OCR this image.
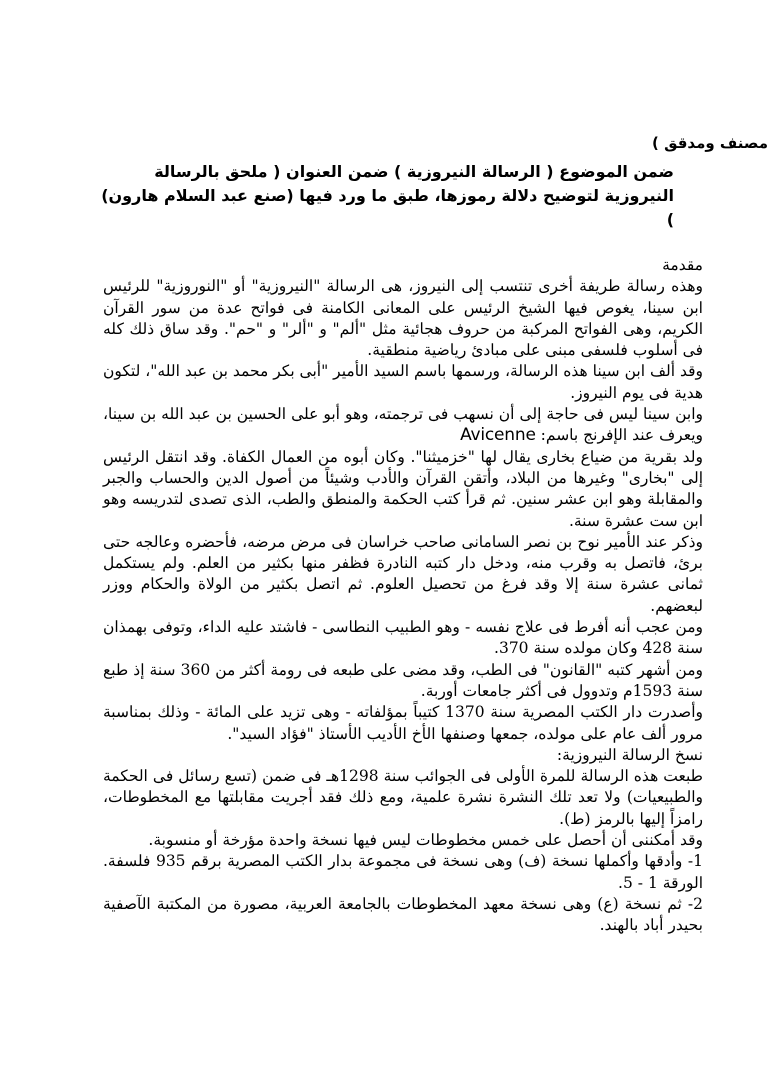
مصنف ومدقق )

ضمن الموضوع ( الرسالة النيروزية ) ضمن العنوان ( ملحق بالرسالة النيروزية لتوضيح دلالة رموزها، طبق ما ورد فيها (صنع عبد السلام هارون) )

مقدمة

وهذه رسالة طريفة أخرى تنتسب إلى النيروز، هى الرسالة "النيروزية" أو "النوروزية" للرئيس ابن سينا، يغوص فيها الشيخ الرئيس على المعانى الكامنة فى فواتح عدة من سور القرآن الكريم، وهى الفواتح المركبة من حروف هجائية مثل "ألم" و "ألر" و "حم". وقد ساق ذلك كله فى أسلوب فلسفى مبنى على مبادئ رياضية منطقية.

وقد ألف ابن سينا هذه الرسالة، ورسمها باسم السيد الأمير "أبى بكر محمد بن عبد الله"، لتكون هدية فى يوم النيروز.

وابن سينا ليس فى حاجة إلى أن نسهب فى ترجمته، وهو أبو على الحسين بن عبد الله بن سينا، ويعرف عند الإفرنج باسم: Avicenne

ولد بقرية من ضياع بخارى يقال لها "خزميثنا". وكان أبوه من العمال الكفاة. وقد انتقل الرئيس إلى "بخارى" وغيرها من البلاد، وأتقن القرآن والأدب وشيئاً من أصول الدين والحساب والجبر والمقابلة وهو ابن عشر سنين. ثم قرأ كتب الحكمة والمنطق والطب، الذى تصدى لتدريسه وهو ابن ست عشرة سنة.

وذكر عند الأمير نوح بن نصر السامانى صاحب خراسان فى مرض مرضه، فأحضره وعالجه حتى برئ، فاتصل به وقرب منه، ودخل دار كتبه النادرة فظفر منها بكثير من العلم. ولم يستكمل ثمانى عشرة سنة إلا وقد فرغ من تحصيل العلوم. ثم اتصل بكثير من الولاة والحكام ووزر لبعضهم.

ومن عجب أنه أفرط فى علاج نفسه - وهو الطبيب النطاسى - فاشتد عليه الداء، وتوفى بهمذان سنة 428 وكان مولده سنة 370.

ومن أشهر كتبه "القانون" فى الطب، وقد مضى على طبعه فى رومة أكثر من 360 سنة إذ طبع سنة 1593م وتدوول فى أكثر جامعات أوربة.

وأصدرت دار الكتب المصرية سنة 1370 كتيباً بمؤلفاته - وهى تزيد على المائة - وذلك بمناسبة مرور ألف عام على مولده، جمعها وصنفها الأخ الأديب الأستاذ "فؤاد السيد".

نسخ الرسالة النيروزية:

طبعت هذه الرسالة للمرة الأولى فى الجوائب سنة 1298هـ فى ضمن (تسع رسائل فى الحكمة والطبيعيات) ولا تعد تلك النشرة نشرة علمية، ومع ذلك فقد أجريت مقابلتها مع المخطوطات، رامزاً إليها بالرمز (ط).

وقد أمكننى أن أحصل على خمس مخطوطات ليس فيها نسخة واحدة مؤرخة أو منسوبة.

1- وأدقها وأكملها نسخة (ف) وهى نسخة فى مجموعة بدار الكتب المصرية برقم 935 فلسفة. الورقة 1 - 5.

2- ثم نسخة (ع) وهى نسخة معهد المخطوطات بالجامعة العربية، مصورة من المكتبة الآصفية بحيدر أباد بالهند.
